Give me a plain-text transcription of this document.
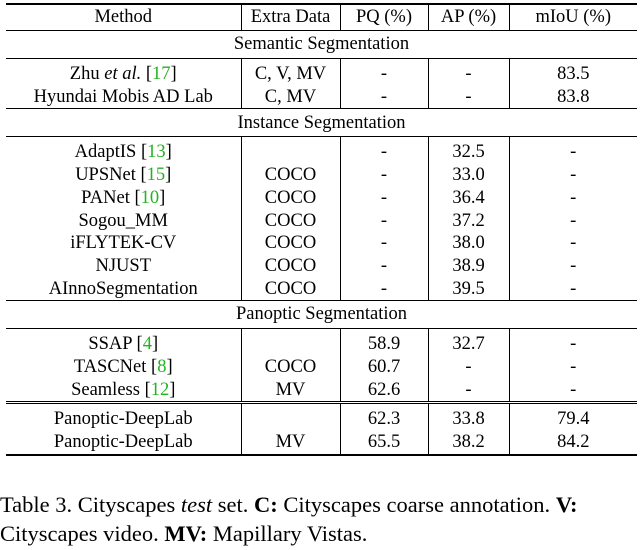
Method	Extra Data	PQ (%)	AP (%)	mIoU (%)
Semantic Segmentation				
Zhu et al. [17]	C, V, MV	-	-	83.5
Hyundai Mobis AD Lab	C, MV	-	-	83.8
Instance Segmentation				
AdaptIS [13]		-	32.5	-
UPSNet [15]	COCO	-	33.0	-
PANet [10]	COCO	-	36.4	-
Sogou_MM	COCO	-	37.2	-
iFLYTEK-CV	COCO	-	38.0	-
NJUST	COCO	-	38.9	-
AInnoSegmentation	COCO	-	39.5	-
Panoptic Segmentation				
SSAP [4]		58.9	32.7	-
TASCNet [8]	COCO	60.7	-	-
Seamless [12]	MV	62.6	-	-
Panoptic-DeepLab		62.3	33.8	79.4
Panoptic-DeepLab	MV	65.5	38.2	84.2
Table 3. Cityscapes test set. C: Cityscapes coarse annotation. V:
Cityscapes video. MV: Mapillary Vistas.
